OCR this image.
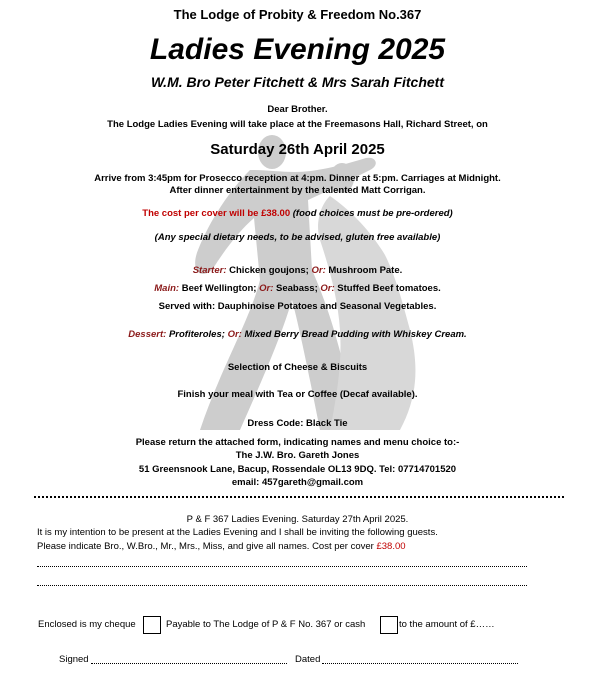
The Lodge of Probity & Freedom No.367
Ladies Evening 2025
W.M. Bro Peter Fitchett & Mrs Sarah Fitchett
Dear Brother.
The Lodge Ladies Evening will take place at the Freemasons Hall, Richard Street, on
Saturday 26th April 2025
Arrive from 3:45pm for Prosecco reception at 4:pm. Dinner at 5:pm. Carriages at Midnight.
After dinner entertainment by the talented Matt Corrigan.
The cost per cover will be £38.00 (food choices must be pre-ordered)
(Any special dietary needs, to be advised, gluten free available)
Starter: Chicken goujons; Or: Mushroom Pate.
Main: Beef Wellington; Or: Seabass; Or: Stuffed Beef tomatoes.
Served with: Dauphinoise Potatoes and Seasonal Vegetables.
Dessert: Profiteroles; Or: Mixed Berry Bread Pudding with Whiskey Cream.
Selection of Cheese & Biscuits
Finish your meal with Tea or Coffee (Decaf available).
Dress Code: Black Tie
Please return the attached form, indicating names and menu choice to:-
The J.W. Bro. Gareth Jones
51 Greensnook Lane, Bacup, Rossendale OL13 9DQ. Tel: 07714701520
email: 457gareth@gmail.com
P & F 367 Ladies Evening. Saturday 27th April 2025.
It is my intention to be present at the Ladies Evening and I shall be inviting the following guests.
Please indicate Bro., W.Bro., Mr., Mrs., Miss, and give all names. Cost per cover £38.00
Enclosed is my cheque	Payable to The Lodge of P & F No. 367 or cash	to the amount of £……
Signed	Dated
